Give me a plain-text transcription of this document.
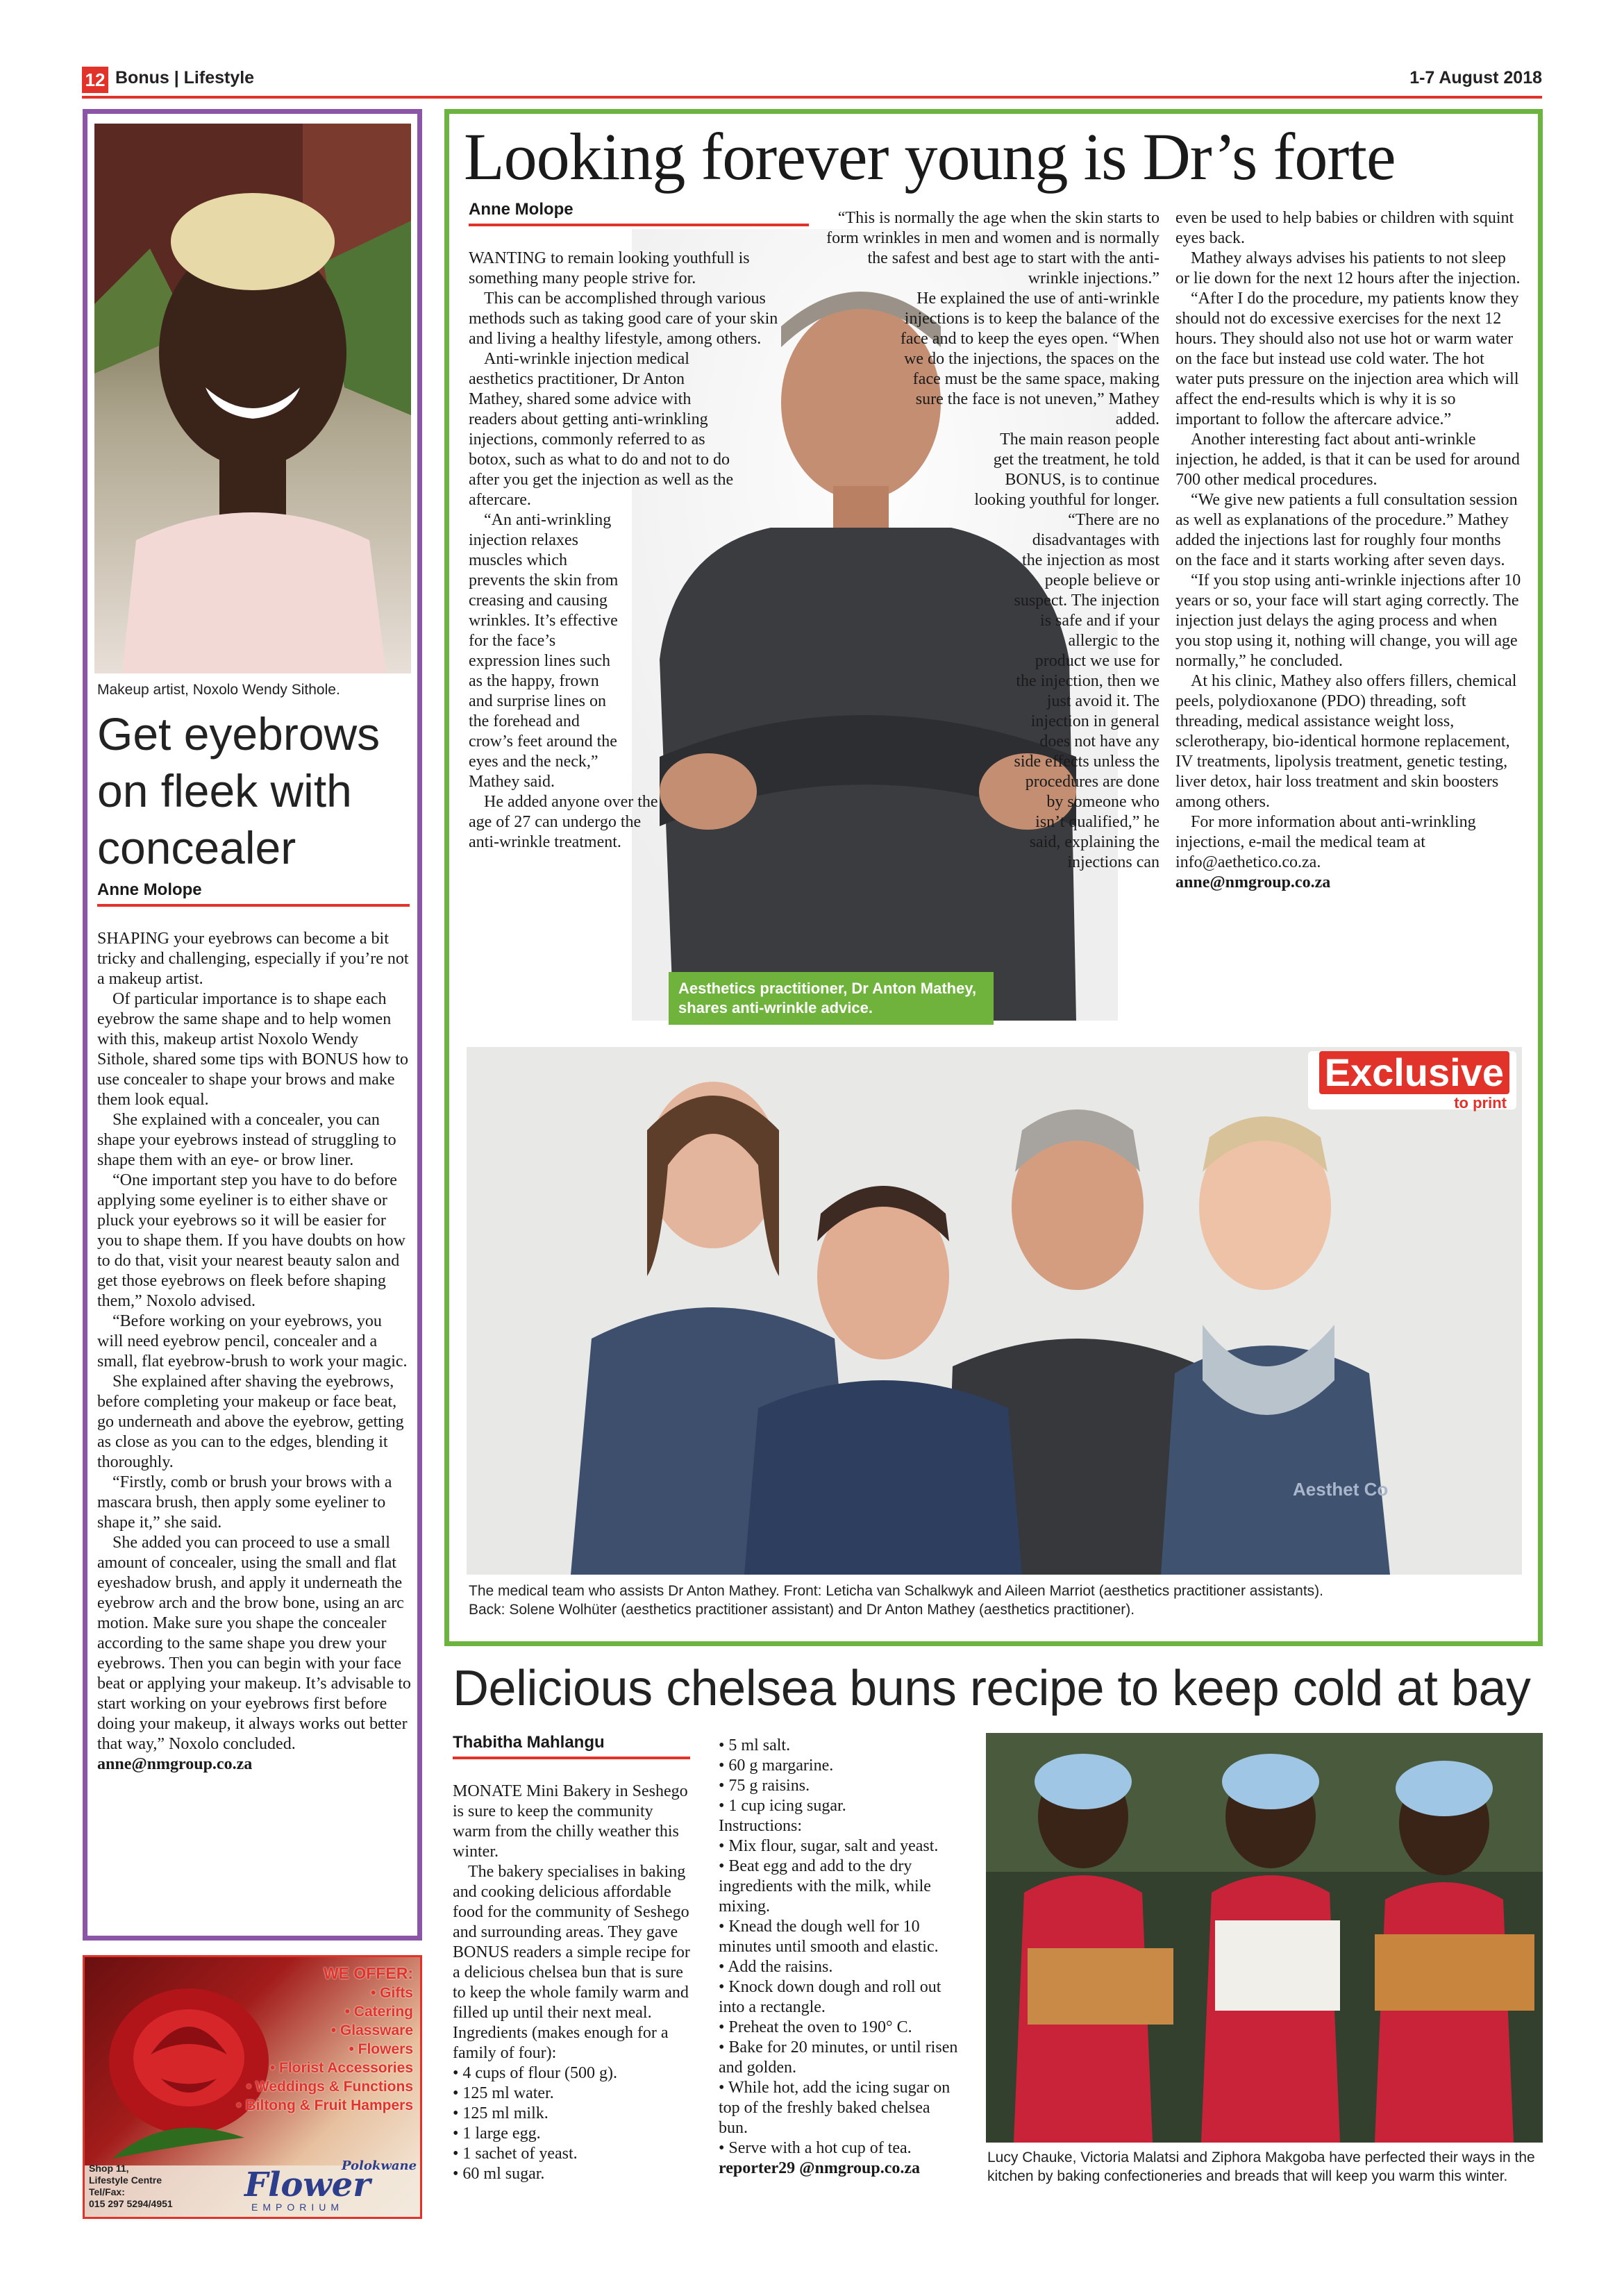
12 Bonus | Lifestyle	1-7 August 2018
Makeup artist, Noxolo Wendy Sithole.
Get eyebrows on fleek with concealer
Anne Molope

SHAPING your eyebrows can become a bit tricky and challenging, especially if you’re not a makeup artist.

Of particular importance is to shape each eyebrow the same shape and to help women with this, makeup artist Noxolo Wendy Sithole, shared some tips with BONUS how to use concealer to shape your brows and make them look equal.

She explained with a concealer, you can shape your eyebrows instead of struggling to shape them with an eye- or brow liner.

“One important step you have to do before applying some eyeliner is to either shave or pluck your eyebrows so it will be easier for you to shape them. If you have doubts on how to do that, visit your nearest beauty salon and get those eyebrows on fleek before shaping them,” Noxolo advised.

“Before working on your eyebrows, you will need eyebrow pencil, concealer and a small, flat eyebrow-brush to work your magic.

She explained after shaving the eyebrows, before completing your makeup or face beat, go underneath and above the eyebrow, getting as close as you can to the edges, blending it thoroughly.

“Firstly, comb or brush your brows with a mascara brush, then apply some eyeliner to shape it,” she said.

She added you can proceed to use a small amount of concealer, using the small and flat eyeshadow brush, and apply it underneath the eyebrow arch and the brow bone, using an arc motion. Make sure you shape the concealer according to the same shape you drew your eyebrows. Then you can begin with your face beat or applying your makeup. It’s advisable to start working on your eyebrows first before doing your makeup, it always works out better that way,” Noxolo concluded.

anne@nmgroup.co.za

WE OFFER:
• Gifts
• Catering
• Glassware
• Flowers
• Florist Accessories
• Weddings & Functions
• Biltong & Fruit Hampers
Shop 11,
Lifestyle Centre
Tel/Fax:
015 297 5294/4951
Polokwane
Flower
EMPORIUM
Looking forever young is Dr’s forte
Anne Molope
Aesthetics practitioner, Dr Anton Mathey, shares anti-wrinkle advice.

WANTING to remain looking youthfull is something many people strive for.

This can be accomplished through various methods such as taking good care of your skin and living a healthy lifestyle, among others.

Anti-wrinkle injection medical aesthetics practitioner, Dr Anton Mathey, shared some advice with readers about getting anti-wrinkling injections, commonly referred to as botox, such as what to do and not to do after you get the injection as well as the aftercare.

“An anti-wrinkling injection relaxes muscles which prevents the skin from creasing and causing wrinkles. It’s effective for the face’s expression lines such as the happy, frown and surprise lines on the forehead and crow’s feet around the eyes and the neck,” Mathey said.

He added anyone over the age of 27 can undergo the anti-wrinkle treatment.

“This is normally the age when the skin starts to form wrinkles in men and women and is normally the safest and best age to start with the anti-wrinkle injections.”

He explained the use of anti-wrinkle injections is to keep the balance of the face and to keep the eyes open. “When we do the injections, the spaces on the face must be the same space, making sure the face is not uneven,” Mathey added.

The main reason people get the treatment, he told BONUS, is to continue looking youthful for longer.

“There are no disadvantages with the injection as most people believe or suspect. The injection is safe and if your allergic to the product we use for the injection, then we just avoid it. The injection in general does not have any side effects unless the procedures are done by someone who isn’t qualified,” he said, explaining the injections can

even be used to help babies or children with squint eyes back.

Mathey always advises his patients to not sleep or lie down for the next 12 hours after the injection.

“After I do the procedure, my patients know they should not do excessive exercises for the next 12 hours. They should also not use hot or warm water on the face but instead use cold water. The hot water puts pressure on the injection area which will affect the end-results which is why it is so important to follow the aftercare advice.”

Another interesting fact about anti-wrinkle injection, he added, is that it can be used for around 700 other medical procedures.

“We give new patients a full consultation session as well as explanations of the procedure.” Mathey added the injections last for roughly four months on the face and it starts working after seven days.

“If you stop using anti-wrinkle injections after 10 years or so, your face will start aging correctly. The injection just delays the aging process and when you stop using it, nothing will change, you will age normally,” he concluded.

At his clinic, Mathey also offers fillers, chemical peels, polydioxanone (PDO) threading, soft threading, medical assistance weight loss, sclerotherapy, bio-identical hormone replacement, IV treatments, lipolysis treatment, genetic testing, liver detox, hair loss treatment and skin boosters among others.

For more information about anti-wrinkling injections, e-mail the medical team at info@aethetico.co.za.

anne@nmgroup.co.za

Aesthet Co
Exclusive
to print
The medical team who assists Dr Anton Mathey. Front: Leticha van Schalkwyk and Aileen Marriot (aesthetics practitioner assistants).
Back: Solene Wolhüter (aesthetics practitioner assistant) and Dr Anton Mathey (aesthetics practitioner).
Delicious chelsea buns recipe to keep cold at bay
Thabitha Mahlangu

MONATE Mini Bakery in Seshego is sure to keep the community warm from the chilly weather this winter.

The bakery specialises in baking and cooking delicious affordable food for the community of Seshego and surrounding areas. They gave BONUS readers a simple recipe for a delicious chelsea bun that is sure to keep the whole family warm and filled up until their next meal.

Ingredients (makes enough for a family of four):

• 4 cups of flour (500 g).

• 125 ml water.

• 125 ml milk.

• 1 large egg.

• 1 sachet of yeast.

• 60 ml sugar.

• 5 ml salt.

• 60 g margarine.

• 75 g raisins.

• 1 cup icing sugar.

Instructions:

• Mix flour, sugar, salt and yeast.

• Beat egg and add to the dry ingredients with the milk, while mixing.

• Knead the dough well for 10 minutes until smooth and elastic.

• Add the raisins.

• Knock down dough and roll out into a rectangle.

• Preheat the oven to 190° C.

• Bake for 20 minutes, or until risen and golden.

• While hot, add the icing sugar on top of the freshly baked chelsea bun.

• Serve with a hot cup of tea.

reporter29 @nmgroup.co.za

Lucy Chauke, Victoria Malatsi and Ziphora Makgoba have perfected their ways in the kitchen by baking confectioneries and breads that will keep you warm this winter.
